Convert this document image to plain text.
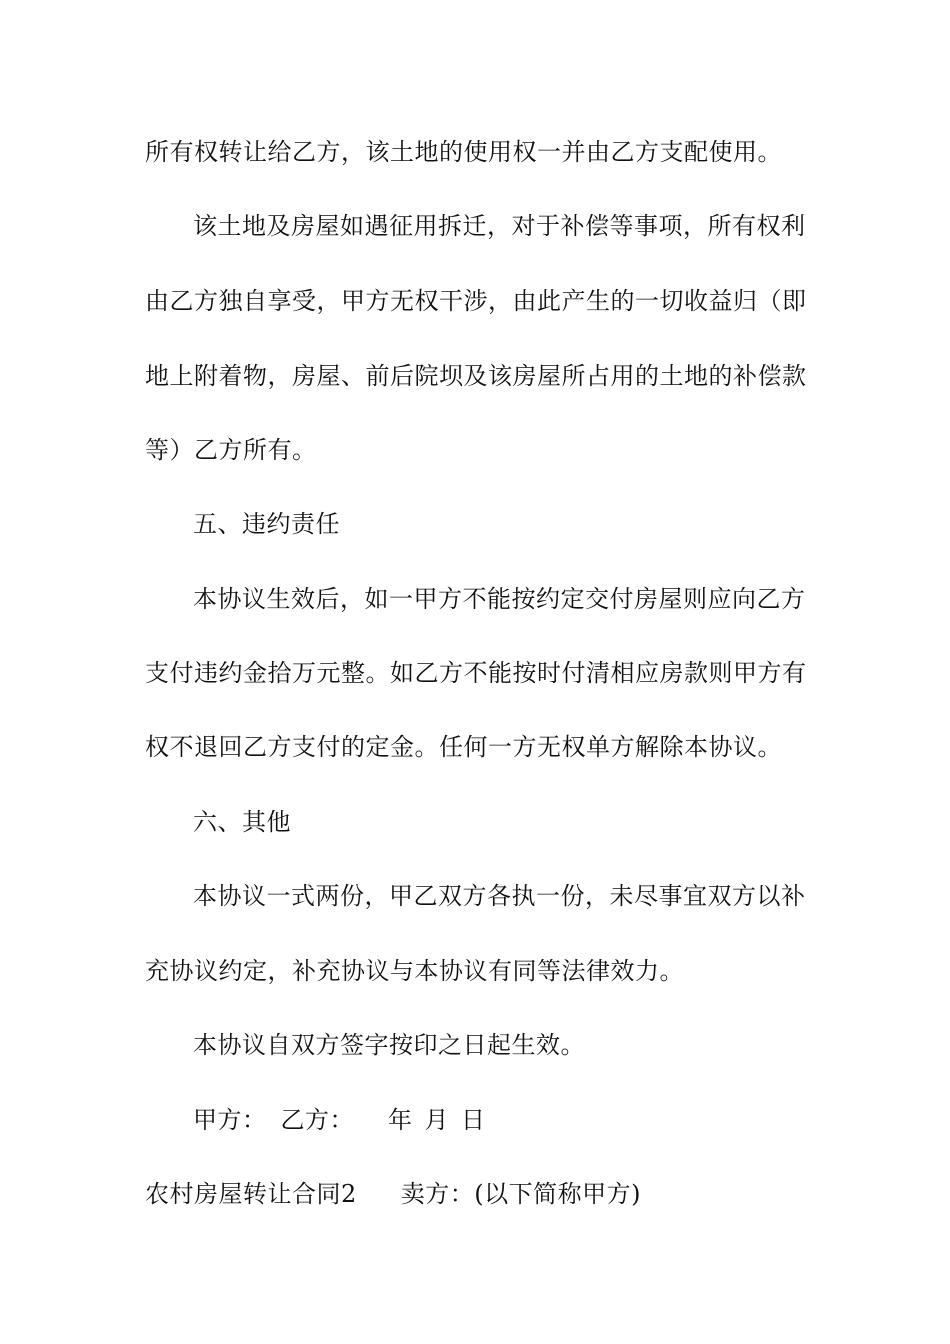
所有权转让给乙方，该土地的使用权一并由乙方支配使用。
该土地及房屋如遇征用拆迁，对于补偿等事项，所有权利
由乙方独自享受，甲方无权干涉，由此产生的一切收益归（即
地上附着物，房屋、前后院坝及该房屋所占用的土地的补偿款
等）乙方所有。
五、违约责任
本协议生效后，如一甲方不能按约定交付房屋则应向乙方
支付违约金拾万元整。如乙方不能按时付清相应房款则甲方有
权不退回乙方支付的定金。任何一方无权单方解除本协议。
六、其他
本协议一式两份，甲乙双方各执一份，未尽事宜双方以补
充协议约定，补充协议与本协议有同等法律效力。
本协议自双方签字按印之日起生效。
甲方： 乙方： 年 月 日
农村房屋转让合同2 卖方：(以下简称甲方)
